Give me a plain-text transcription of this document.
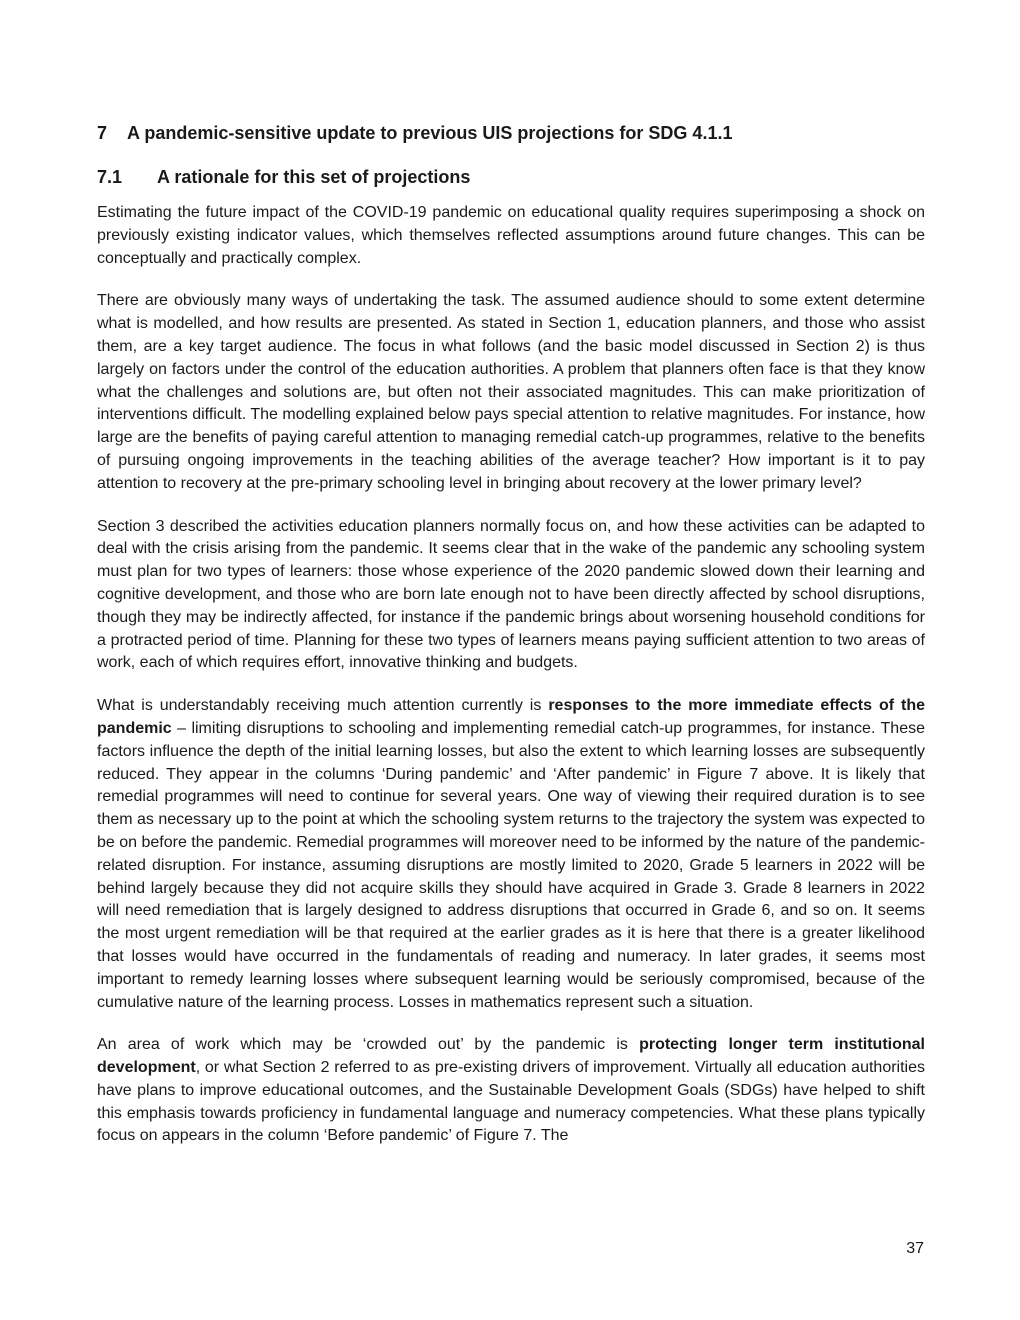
7	A pandemic-sensitive update to previous UIS projections for SDG 4.1.1
7.1	A rationale for this set of projections

Estimating the future impact of the COVID-19 pandemic on educational quality requires superimposing a shock on previously existing indicator values, which themselves reflected assumptions around future changes. This can be conceptually and practically complex.

There are obviously many ways of undertaking the task. The assumed audience should to some extent determine what is modelled, and how results are presented. As stated in Section 1, education planners, and those who assist them, are a key target audience. The focus in what follows (and the basic model discussed in Section 2) is thus largely on factors under the control of the education authorities. A problem that planners often face is that they know what the challenges and solutions are, but often not their associated magnitudes. This can make prioritization of interventions difficult. The modelling explained below pays special attention to relative magnitudes. For instance, how large are the benefits of paying careful attention to managing remedial catch-up programmes, relative to the benefits of pursuing ongoing improvements in the teaching abilities of the average teacher? How important is it to pay attention to recovery at the pre-primary schooling level in bringing about recovery at the lower primary level?

Section 3 described the activities education planners normally focus on, and how these activities can be adapted to deal with the crisis arising from the pandemic. It seems clear that in the wake of the pandemic any schooling system must plan for two types of learners: those whose experience of the 2020 pandemic slowed down their learning and cognitive development, and those who are born late enough not to have been directly affected by school disruptions, though they may be indirectly affected, for instance if the pandemic brings about worsening household conditions for a protracted period of time. Planning for these two types of learners means paying sufficient attention to two areas of work, each of which requires effort, innovative thinking and budgets.

What is understandably receiving much attention currently is responses to the more immediate effects of the pandemic – limiting disruptions to schooling and implementing remedial catch-up programmes, for instance. These factors influence the depth of the initial learning losses, but also the extent to which learning losses are subsequently reduced. They appear in the columns ‘During pandemic’ and ‘After pandemic’ in Figure 7 above. It is likely that remedial programmes will need to continue for several years. One way of viewing their required duration is to see them as necessary up to the point at which the schooling system returns to the trajectory the system was expected to be on before the pandemic. Remedial programmes will moreover need to be informed by the nature of the pandemic-related disruption. For instance, assuming disruptions are mostly limited to 2020, Grade 5 learners in 2022 will be behind largely because they did not acquire skills they should have acquired in Grade 3. Grade 8 learners in 2022 will need remediation that is largely designed to address disruptions that occurred in Grade 6, and so on. It seems the most urgent remediation will be that required at the earlier grades as it is here that there is a greater likelihood that losses would have occurred in the fundamentals of reading and numeracy. In later grades, it seems most important to remedy learning losses where subsequent learning would be seriously compromised, because of the cumulative nature of the learning process. Losses in mathematics represent such a situation.

An area of work which may be ‘crowded out’ by the pandemic is protecting longer term institutional development, or what Section 2 referred to as pre-existing drivers of improvement. Virtually all education authorities have plans to improve educational outcomes, and the Sustainable Development Goals (SDGs) have helped to shift this emphasis towards proficiency in fundamental language and numeracy competencies. What these plans typically focus on appears in the column ‘Before pandemic’ of Figure 7. The

37
